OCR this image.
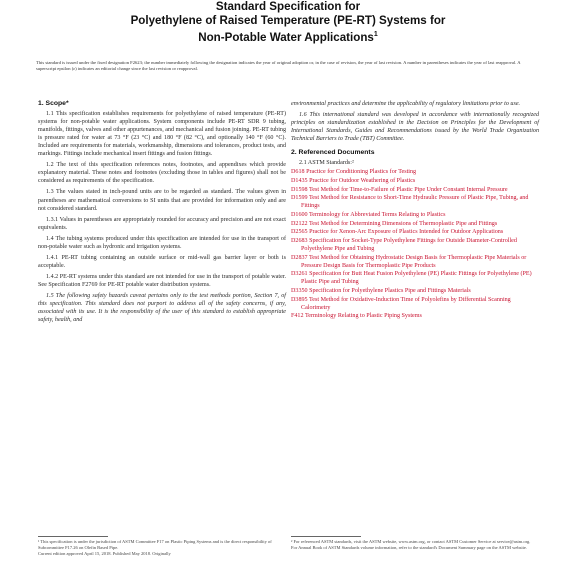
Standard Specification for
Polyethylene of Raised Temperature (PE-RT) Systems for
Non-Potable Water Applications$^1$
This standard is issued under the fixed designation F2623; the number immediately following the designation indicates the year of original adoption or, in the case of revision, the year of last revision. A number in parentheses indicates the year of last reapproval. A superscript epsilon (ε) indicates an editorial change since the last revision or reapproval.
1. Scope*

1.1 This specification establishes requirements for polyethylene of raised temperature (PE-RT) systems for non-potable water applications. System components include PE-RT SDR 9 tubing, manifolds, fittings, valves and other appurtenances, and mechanical and fusion joining. PE-RT tubing is pressure rated for water at 73 °F (23 °C) and 180 °F (82 °C), and optionally 140 °F (60 °C). Included are requirements for materials, workmanship, dimensions and tolerances, product tests, and markings. Fittings include mechanical insert fittings and fusion fittings.

1.2 The text of this specification references notes, footnotes, and appendixes which provide explanatory material. These notes and footnotes (excluding those in tables and figures) shall not be considered as requirements of the specification.

1.3 The values stated in inch-pound units are to be regarded as standard. The values given in parentheses are mathematical conversions to SI units that are provided for information only and are not considered standard.

1.3.1 Values in parentheses are appropriately rounded for accuracy and precision and are not exact equivalents.

1.4 The tubing systems produced under this specification are intended for use in the transport of non-potable water such as hydronic and irrigation systems.

1.4.1 PE-RT tubing containing an outside surface or mid-wall gas barrier layer or both is acceptable.

1.4.2 PE-RT systems under this standard are not intended for use in the transport of potable water. See Specification F2769 for PE-RT potable water distribution systems.

1.5 The following safety hazards caveat pertains only to the test methods portion, Section 7, of this specification. This standard does not purport to address all of the safety concerns, if any, associated with its use. It is the responsibility of the user of this standard to establish appropriate safety, health, and

¹ This specification is under the jurisdiction of ASTM Committee F17 on Plastic Piping Systems and is the direct responsibility of Subcommittee F17.26 on Olefin Based Pipe.
Current edition approved April 15, 2018. Published May 2018. Originally

environmental practices and determine the applicability of regulatory limitations prior to use.

1.6 This international standard was developed in accordance with internationally recognized principles on standardization established in the Decision on Principles for the Development of International Standards, Guides and Recommendations issued by the World Trade Organization Technical Barriers to Trade (TBT) Committee.

2. Referenced Documents
2.1 ASTM Standards:²
D618 Practice for Conditioning Plastics for Testing
D1435 Practice for Outdoor Weathering of Plastics
D1598 Test Method for Time-to-Failure of Plastic Pipe Under Constant Internal Pressure
D1599 Test Method for Resistance to Short-Time Hydraulic Pressure of Plastic Pipe, Tubing, and Fittings
D1600 Terminology for Abbreviated Terms Relating to Plastics
D2122 Test Method for Determining Dimensions of Thermoplastic Pipe and Fittings
D2565 Practice for Xenon-Arc Exposure of Plastics Intended for Outdoor Applications
D2683 Specification for Socket-Type Polyethylene Fittings for Outside Diameter-Controlled Polyethylene Pipe and Tubing
D2837 Test Method for Obtaining Hydrostatic Design Basis for Thermoplastic Pipe Materials or Pressure Design Basis for Thermoplastic Pipe Products
D3261 Specification for Butt Heat Fusion Polyethylene (PE) Plastic Fittings for Polyethylene (PE) Plastic Pipe and Tubing
D3350 Specification for Polyethylene Plastics Pipe and Fittings Materials
D3895 Test Method for Oxidative-Induction Time of Polyolefins by Differential Scanning Calorimetry
F412 Terminology Relating to Plastic Piping Systems
² For referenced ASTM standards, visit the ASTM website, www.astm.org, or contact ASTM Customer Service at service@astm.org. For Annual Book of ASTM Standards volume information, refer to the standard's Document Summary page on the ASTM website.
